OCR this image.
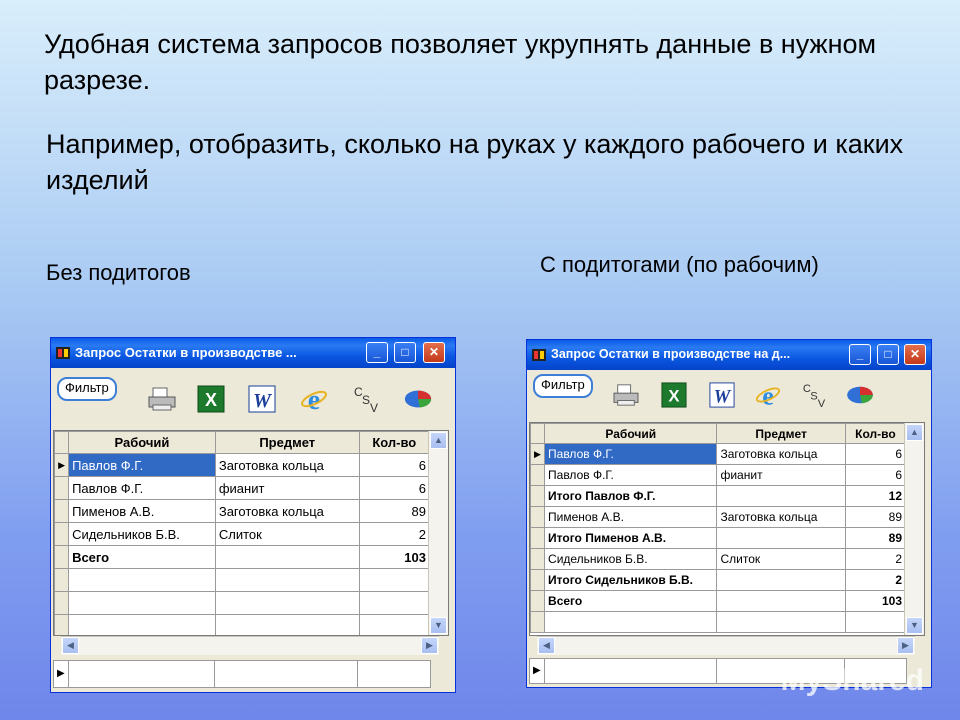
Удобная система запросов позволяет укрупнять данные в нужном разрезе.
Например, отобразить, сколько на руках у каждого рабочего и каких изделий
Без подитогов	С подитогами (по рабочим)
Запрос Остатки в производстве ...	_	□	✕
Фильтр
X W e	C
S
V
	Рабочий	Предмет	Кол-во
▶	Павлов Ф.Г.	Заготовка кольца	6
	Павлов Ф.Г.	фианит	6
	Пименов А.В.	Заготовка кольца	89
	Сидельников Б.В.	Слиток	2
	Всего		103

▲
▼
◀	▶
▶
Запрос Остатки в производстве на д...	_	□	✕
Фильтр
X W e C
S
V
	Рабочий	Предмет	Кол-во
▶	Павлов Ф.Г.	Заготовка кольца	6
	Павлов Ф.Г.	фианит	6
	Итого Павлов Ф.Г.		12
	Пименов А.В.	Заготовка кольца	89
	Итого Пименов А.В.		89
	Сидельников Б.В.	Слиток	2
	Итого Сидельников Б.В.		2
	Всего		103

▲
▼
◀	▶
▶	MyShared
